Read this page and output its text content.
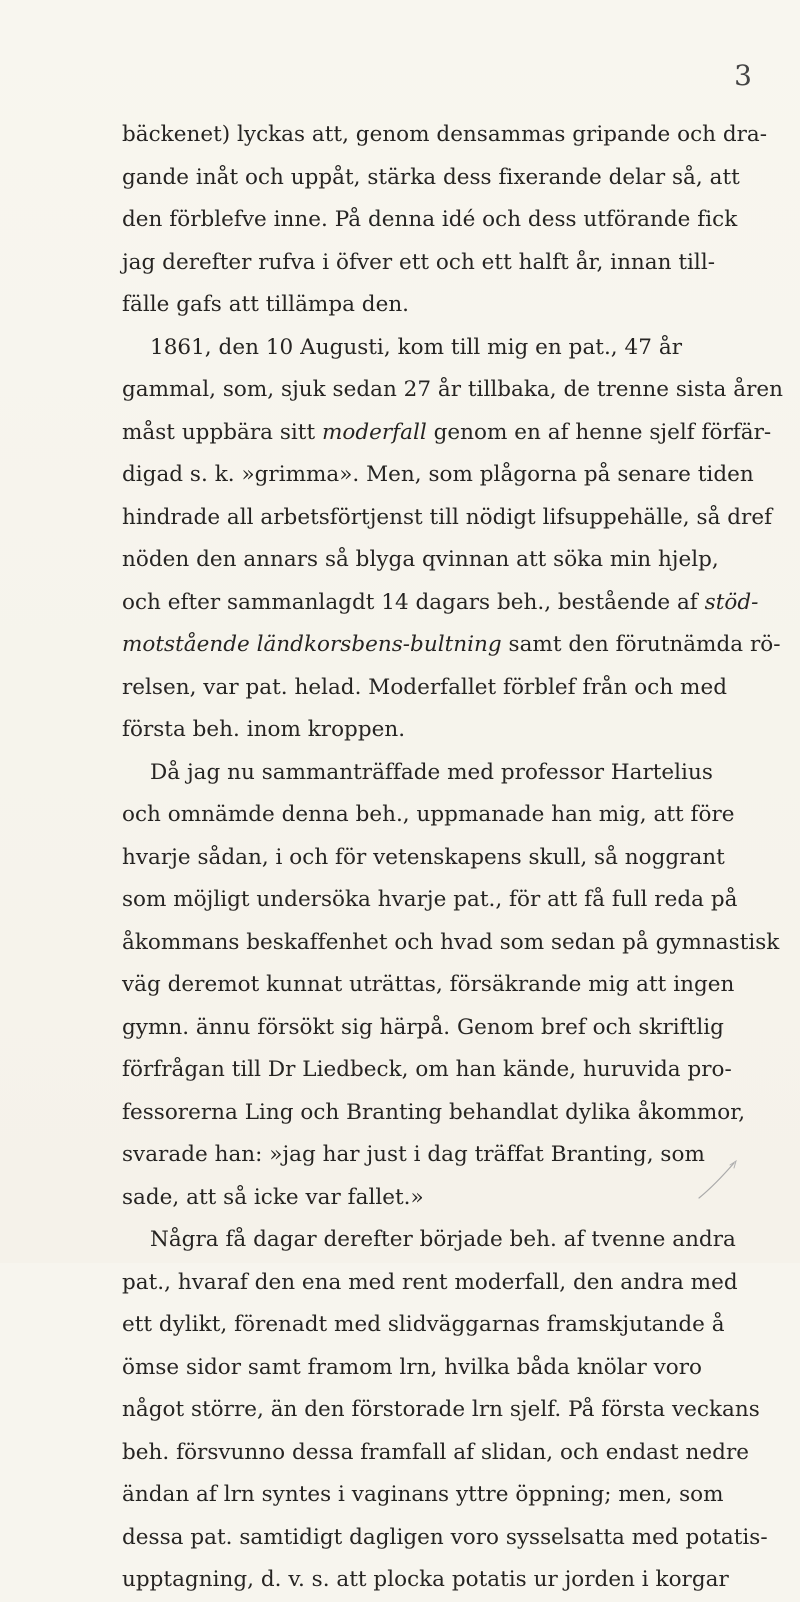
3
bäckenet) lyckas att, genom densammas gripande och dra-
gande inåt och uppåt, stärka dess fixerande delar så, att
den förblefve inne. På denna idé och dess utförande fick
jag derefter rufva i öfver ett och ett halft år, innan till-
fälle gafs att tillämpa den.
1861, den 10 Augusti, kom till mig en pat., 47 år
gammal, som, sjuk sedan 27 år tillbaka, de trenne sista åren
måst uppbära sitt moderfall genom en af henne sjelf förfär-
digad s. k. »grimma». Men, som plågorna på senare tiden
hindrade all arbetsförtjenst till nödigt lifsuppehälle, så dref
nöden den annars så blyga qvinnan att söka min hjelp,
och efter sammanlagdt 14 dagars beh., bestående af stöd-
motstående ländkorsbens-bultning samt den förutnämda rö-
relsen, var pat. helad. Moderfallet förblef från och med
första beh. inom kroppen.
Då jag nu sammanträffade med professor Hartelius
och omnämde denna beh., uppmanade han mig, att före
hvarje sådan, i och för vetenskapens skull, så noggrant
som möjligt undersöka hvarje pat., för att få full reda på
åkommans beskaffenhet och hvad som sedan på gymnastisk
väg deremot kunnat uträttas, försäkrande mig att ingen
gymn. ännu försökt sig härpå. Genom bref och skriftlig
förfrågan till Dr Liedbeck, om han kände, huruvida pro-
fessorerna Ling och Branting behandlat dylika åkommor,
svarade han: »jag har just i dag träffat Branting, som
sade, att så icke var fallet.»
Några få dagar derefter började beh. af tvenne andra
pat., hvaraf den ena med rent moderfall, den andra med
ett dylikt, förenadt med slidväggarnas framskjutande å
ömse sidor samt framom lrn, hvilka båda knölar voro
något större, än den förstorade lrn sjelf. På första veckans
beh. försvunno dessa framfall af slidan, och endast nedre
ändan af lrn syntes i vaginans yttre öppning; men, som
dessa pat. samtidigt dagligen voro sysselsatta med potatis-
upptagning, d. v. s. att plocka potatis ur jorden i korgar
